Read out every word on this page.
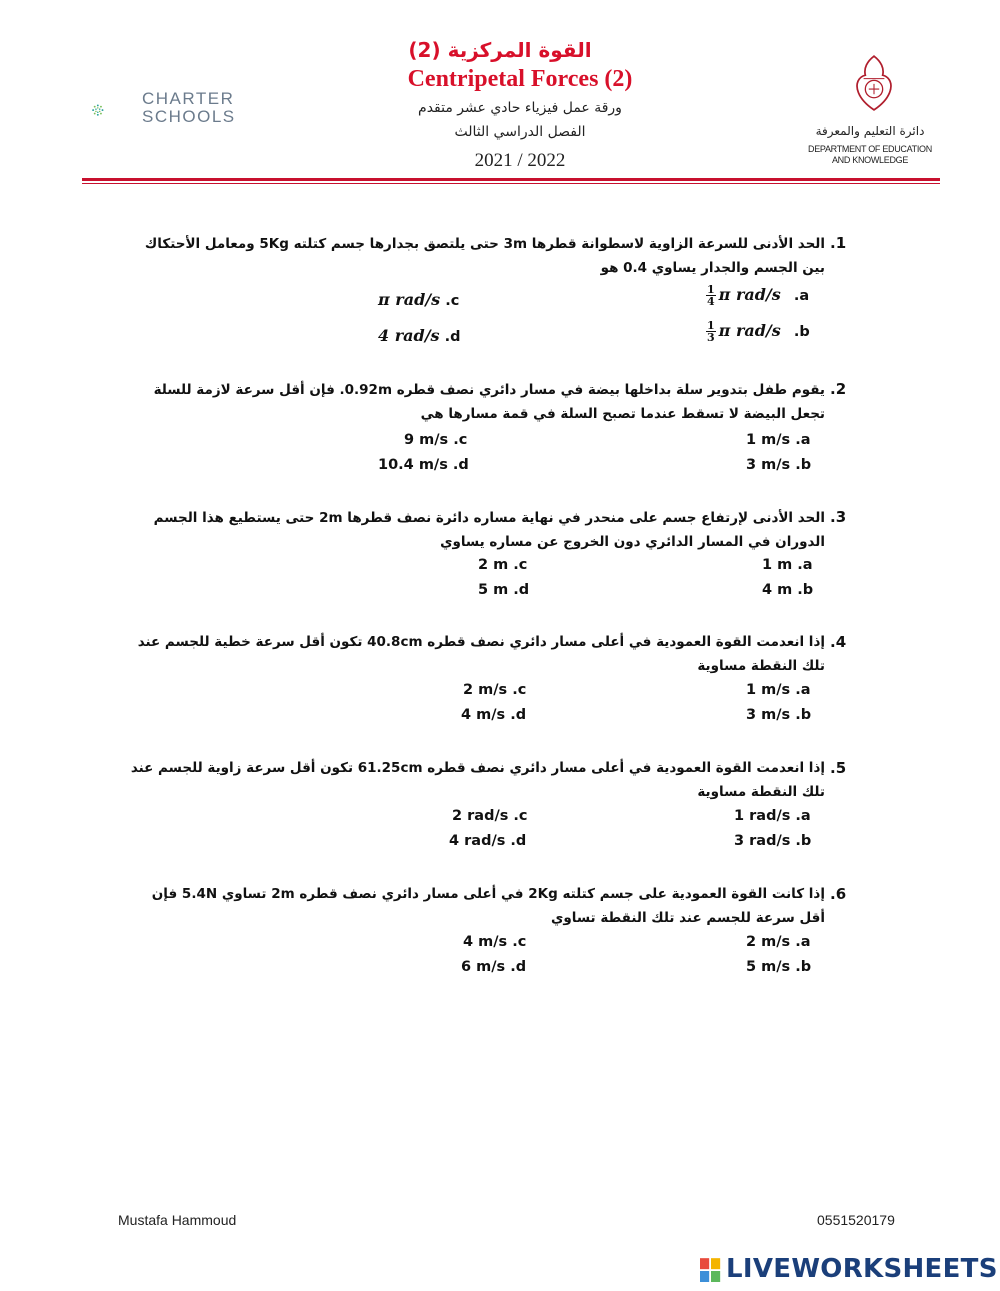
القوة المركزية (2)
Centripetal Forces (2)
ورقة عمل فيزياء حادي عشر متقدم
الفصل الدراسي الثالث
2021 / 2022
CHARTER
SCHOOLS
دائرة التعليم والمعرفة
DEPARTMENT OF EDUCATION
AND KNOWLEDGE
.1
الحد الأدنى للسرعة الزاوية لاسطوانة قطرها 3m حتى يلتصق بجدارها جسم كتلته 5Kg ومعامل الأحتكاك بين الجسم والجدار يساوي 0.4 هو
$\frac{1}{4}$ π rad/s .a
$\frac{1}{3}$ π rad/s .b
π rad/s .c
4 rad/s .d
.2
يقوم طفل بتدوير سلة بداخلها بيضة في مسار دائري نصف قطره 0.92m. فإن أقل سرعة لازمة للسلة تجعل البيضة لا تسقط عندما تصبح السلة في قمة مسارها هي
1 m/s .a
3 m/s .b
9 m/s .c
10.4 m/s .d
.3
الحد الأدنى لإرتفاع جسم على منحدر في نهاية مساره دائرة نصف قطرها 2m حتى يستطيع هذا الجسم الدوران في المسار الدائري دون الخروج عن مساره يساوي
1 m .a
4 m .b
2 m .c
5 m .d
.4
إذا انعدمت القوة العمودية في أعلى مسار دائري نصف قطره 40.8cm تكون أقل سرعة خطية للجسم عند تلك النقطة مساوية
1 m/s .a
3 m/s .b
2 m/s .c
4 m/s .d
.5
إذا انعدمت القوة العمودية في أعلى مسار دائري نصف قطره 61.25cm تكون أقل سرعة زاوية للجسم عند تلك النقطة مساوية
1 rad/s .a
3 rad/s .b
2 rad/s .c
4 rad/s .d
.6
إذا كانت القوة العمودية على جسم كتلته 2Kg في أعلى مسار دائري نصف قطره 2m تساوي 5.4N فإن أقل سرعة للجسم عند تلك النقطة تساوي
2 m/s .a
5 m/s .b
4 m/s .c
6 m/s .d
Mustafa Hammoud	0551520179
LIVEWORKSHEETS
